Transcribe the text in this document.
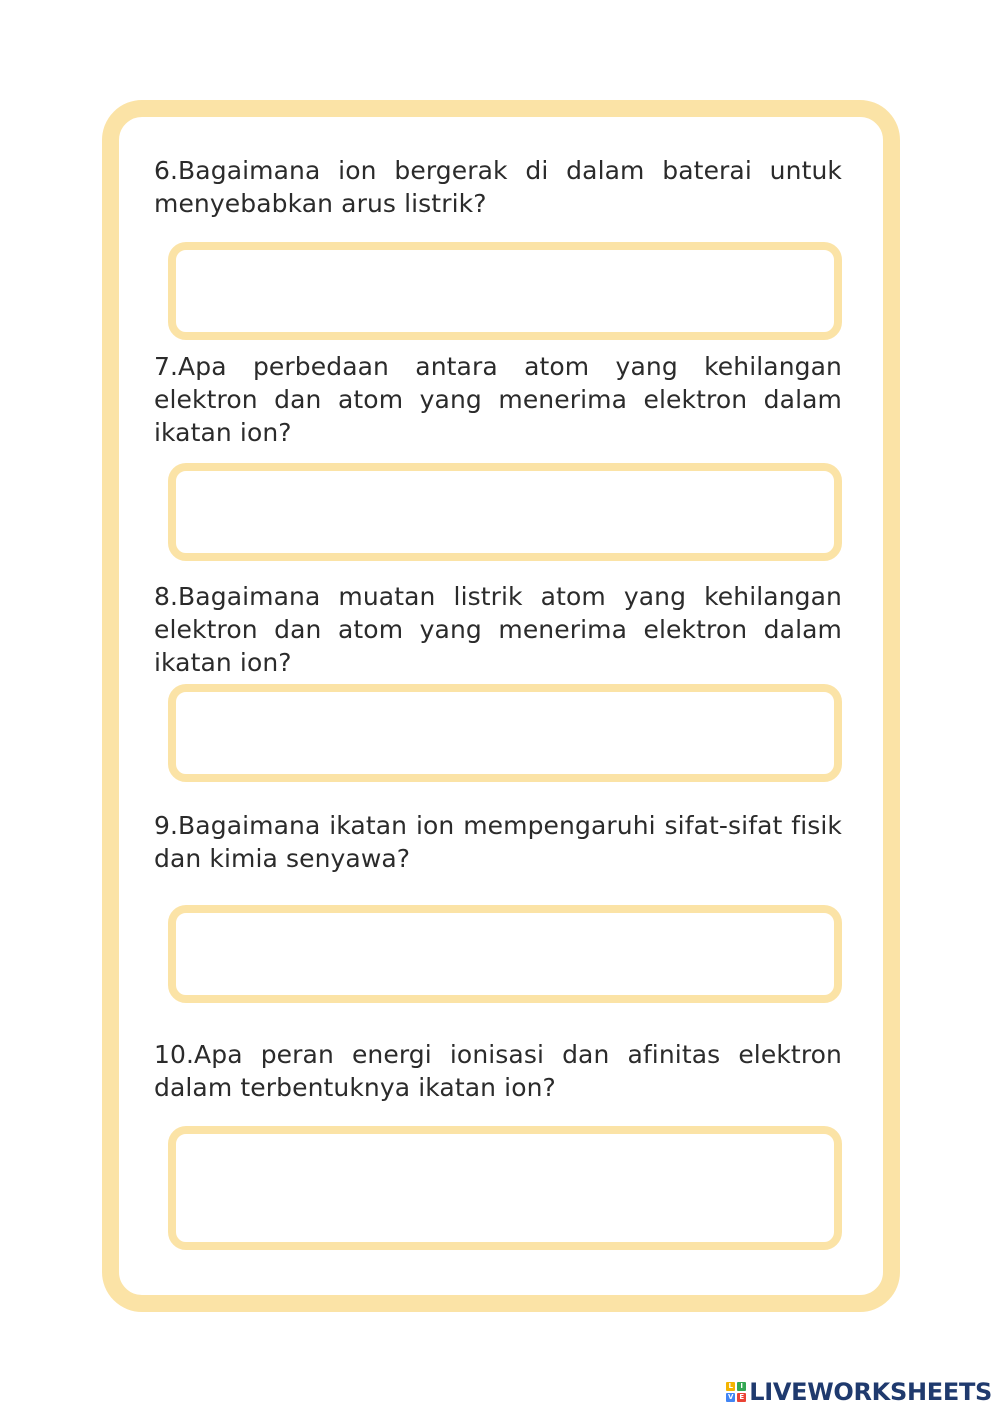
6.Bagaimana ion bergerak di dalam baterai untuk menyebabkan arus listrik?
7.Apa perbedaan antara atom yang kehilangan elektron dan atom yang menerima elektron dalam ikatan ion?
8.Bagaimana muatan listrik atom yang kehilangan elektron dan atom yang menerima elektron dalam ikatan ion?
9.Bagaimana ikatan ion mempengaruhi sifat-sifat fisik dan kimia senyawa?
10.Apa peran energi ionisasi dan afinitas elektron dalam terbentuknya ikatan ion?
L	I
V E LIVEWORKSHEETS
